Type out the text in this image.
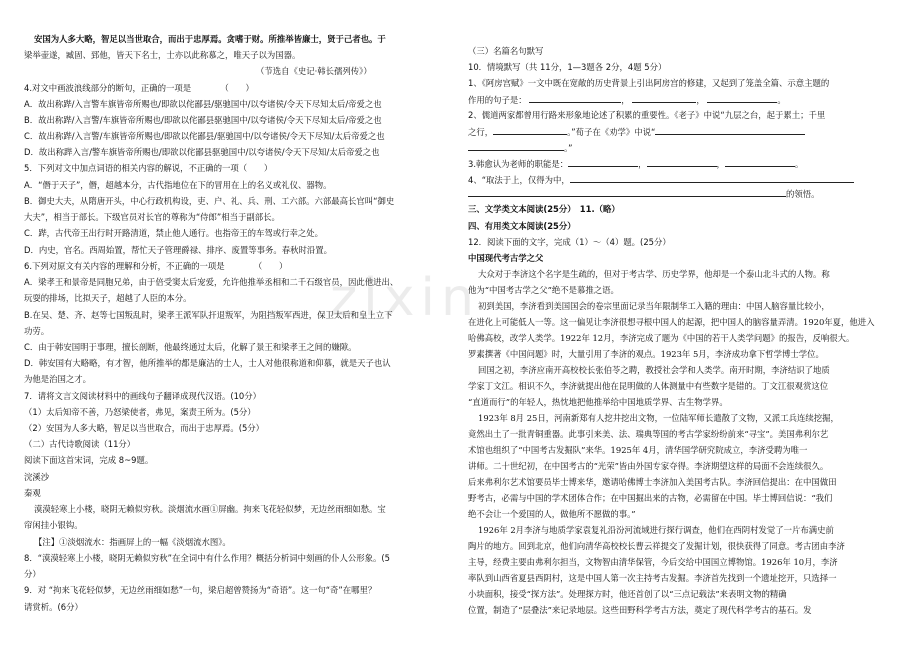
zixin
安国为人多大略，智足以当世取合，而出于忠厚焉。贪嗜于财。所推举皆廉士，贤于己者也。于
梁举壶遂，臧固、郅他，皆天下名士，士亦以此称慕之，唯天子以为国器。
（节选自《史记·韩长孺列传》）
4.对文中画波浪线部分的断句，正确的一项是　　　　（　　）
A．故出称跸/入言警车旗皆帝所赐也/即欲以侘鄙县/驱驰国中/以夸诸侯/令天下尽知太后/帝爱之也
B．故出称跸/入言警/车旗皆帝所赐也/即欲以侘鄙县驱驰国中/以夸诸侯/令天下尽知太后/帝爱之也
C．故出称跸/入言警/车旗皆帝所赐也/即欲以侘鄙县/驱驰国中/以夸诸侯/令天下尽知/太后帝爱之也
D．故出称跸入言/警车旗皆帝所赐也/即欲以侘鄙县驱驰国中/以夸诸侯/令天下尽知/太后帝爱之也
5．下列对文中加点词语的相关内容的解说，不正确的一项（　　）
A．“僭于天子”，僭，超越本分，古代指地位在下的冒用在上的名义或礼仪、器物。
B．御史大夫，从隋唐开头，中心行政机构设，吏、户、礼、兵、刑、工六部。六部最高长官叫“御史
大夫”，相当于部长。下级官员对长官的尊称为“侍郎”相当于副部长。
C．跸，古代帝王出行时开路清道，禁止他人通行。也指帝王的车驾或行幸之处。
D．内史，官名。西周始置，帮忙天子管理爵禄、排序、废置等事务。春秋时沿置。
6.下列对原文有关内容的理解和分析，不正确的一项是　　　　（　　）
A．梁孝王和景帝是同胞兄弟，由于倍受窦太后宠爱，允许他推举丞相和二千石级官员，因此他进出、
玩耍的排场，比拟天子，超越了人臣的本分。
B.在吴、楚、齐、赵等七国叛乱时，梁孝王派军队扞退叛军，为阻挡叛军西进，保卫太后和皇上立下
功劳。
C．由于韩安国明于事理，擅长剖断，他最终通过太后，化解了景王和梁孝王之间的嫌隙。
D．韩安国有大略略，有才智，他所推举的都是廉洁的士人，士人对他很称道和仰慕，就是天子也认
为他是治国之才。
7．请将文言文阅读材料中的画线句子翻译成现代汉语。(10分）
（1）太后知帝不善，乃怒梁使者，弗见，案责王所为。(5分）
（2）安国为人多大略，智足以当世取合，而出于忠厚焉。(5分）
（二）古代诗歌阅读（11分）
阅读下面这首宋词，完成 8~9题。
浣溪沙
秦观
漠漠轻寒上小楼，晓阴无赖似穷秋。淡烟流水画①屏幽。拘来飞花轻似梦，无边丝雨细如愁。宝
帘闲挂小银钩。
【注】①淡烟流水：指画屏上的一幅《淡烟流水图》。
8．“漠漠轻寒上小楼，晓阴无赖似穷秋”在全词中有什么作用？概括分析词中刻画的仆人公形象。(5
分）
9．对 “拘来飞花轻似梦，无边丝雨细如愁”一句，梁启超曾赞扬为“奇语”。这一句“奇”在哪里？
请赏析。(6分）
（三）名篇名句默写
10．情境默写（共 11分，1—3题各 2分，4题 5分）
1、《阿房宫赋》一文中既在宽敞的历史背景上引出阿房宫的修建，又起到了笼盖全篇、示意主题的
作用的句子是：	，	，	。
2、儒道两家都曾用行路来形象地论述了积累的重要性。《老子》中说“九层之台，起于累土；千里
之行，	。”荀子在《劝学》中说“
。”
3.韩愈认为老师的职能是：	，	，	。
4、“取法于上，仅得为中，
的领悟。
三、文学类文本阅读(25分）　11.（略）
四、有用类文本阅读(25分）
12．阅读下面的文字，完成（1）～（4）题。(25分）
中国现代考古学之父
大众对于李济这个名字是生疏的，但对于考古学、历史学界，他却是一个泰山北斗式的人物。称
他为“中国考古学之父”绝不是慕推之语。
初到美国，李济看到美国国会的卷宗里面记录当年限制华工入籍的理由：中国人脑容量比较小，
在进化上可能低人一等。这一偏见让李济很想寻根中国人的起源，把中国人的脑容量弄清。1920年夏，他进入
哈佛高校，改学人类学。1922年 12月，李济完成了题为《中国的若干人类学问题》的报告，反响很大。
罗素撰著《中国问题》时，大量引用了李济的观点。1923年 5月，李济成功拿下哲学博士学位。
回国之初，李济应南开高校校长张伯苓之聘，教授社会学和人类学。南开时期，李济结识了地质
学家丁文江。相识不久，李济就提出他在昆明做的人体测量中有些数字是错的。丁文江很观赏这位
“直道而行”的年轻人，热忱地把他推举给中国地质学界、古生物学界。
1923年 8月 25日，河南新郑有人挖井挖出文物，一位陆军师长遣散了文物，又派工兵连续挖掘，
竟然出土了一批青铜重器。此事引来美、法、瑞典等国的考古学家纷纷前来“寻宝”。美国弗利尔艺
术馆也组织了“中国考古发掘队”来华。1925年 4月，清华国学研究院成立，李济受聘为唯一
讲师。二十世纪初，在中国考古的“光荣”皆由外国专家夺得。李济期望这样的局面不会连续很久。
后来弗利尔艺术馆要员毕士博来华，邀请哈佛博士李济加入美国考古队。李济回信提出：在中国做田
野考古，必需与中国的学术团体合作；在中国掘出来的古物，必需留在中国。毕士博回信说：“我们
绝不会让一个爱国的人，做他所不愿做的事。”
1926年 2月李济与地质学家袁复礼沿汾河流域进行探行调查，他们在西阴村发觉了一片布满史前
陶片的地方。回到北京，他们向清华高校校长曹云祥提交了发掘计划，很快获得了同意。考古团由李济
主导，经费主要由弗利尔担当，文物智由清华保管，今后交给中国国立博物馆。1926年 10月，李济
率队到山西省夏县西阴村，这是中国人第一次主持考古发掘。李济首先找到一个遗址挖开，只选择一
小块面积，接受“探方法”。处理探方时，他还首创了以“三点记载法”来表明文物的精确
位置，制造了“层叠法”来记录地层。这些田野科学考古方法，奠定了现代科学考古的基石。发
